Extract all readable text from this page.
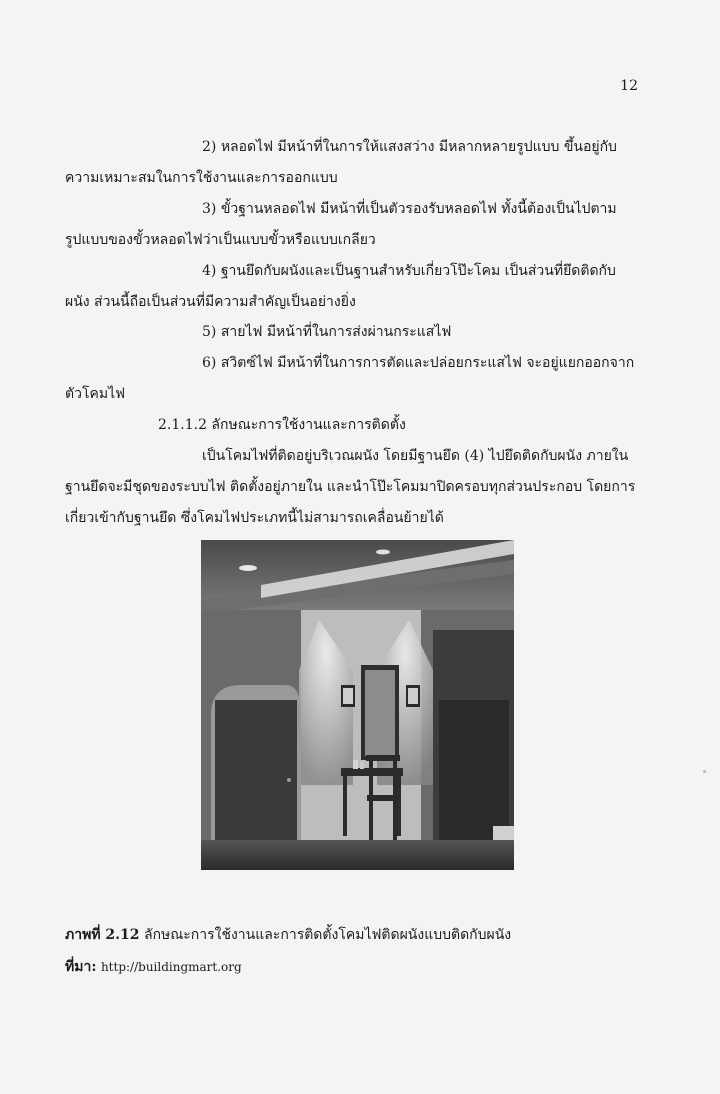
12
2) หลอดไฟ มีหน้าที่ในการให้แสงสว่าง มีหลากหลายรูปแบบ ขึ้นอยู่กับ
ความเหมาะสมในการใช้งานและการออกแบบ
3) ขั้วฐานหลอดไฟ มีหน้าที่เป็นตัวรองรับหลอดไฟ ทั้งนี้ต้องเป็นไปตาม
รูปแบบของขั้วหลอดไฟว่าเป็นแบบขั้วหรือแบบเกลียว
4) ฐานยึดกับผนังและเป็นฐานสำหรับเกี่ยวโป๊ะโคม เป็นส่วนที่ยึดติดกับ
ผนัง ส่วนนี้ถือเป็นส่วนที่มีความสำคัญเป็นอย่างยิ่ง
5) สายไฟ มีหน้าที่ในการส่งผ่านกระแสไฟ
6) สวิตซ์ไฟ มีหน้าที่ในการการตัดและปล่อยกระแสไฟ จะอยู่แยกออกจาก
ตัวโคมไฟ
2.1.1.2 ลักษณะการใช้งานและการติดตั้ง
เป็นโคมไฟที่ติดอยู่บริเวณผนัง โดยมีฐานยึด (4) ไปยึดติดกับผนัง ภายใน
ฐานยึดจะมีชุดของระบบไฟ ติดตั้งอยู่ภายใน และนำโป๊ะโคมมาปิดครอบทุกส่วนประกอบ โดยการ
เกี่ยวเข้ากับฐานยึด ซึ่งโคมไฟประเภทนี้ไม่สามารถเคลื่อนย้ายได้
ภาพที่ 2.12 ลักษณะการใช้งานและการติดตั้งโคมไฟติดผนังแบบติดกับผนัง
ที่มา: http://buildingmart.org
